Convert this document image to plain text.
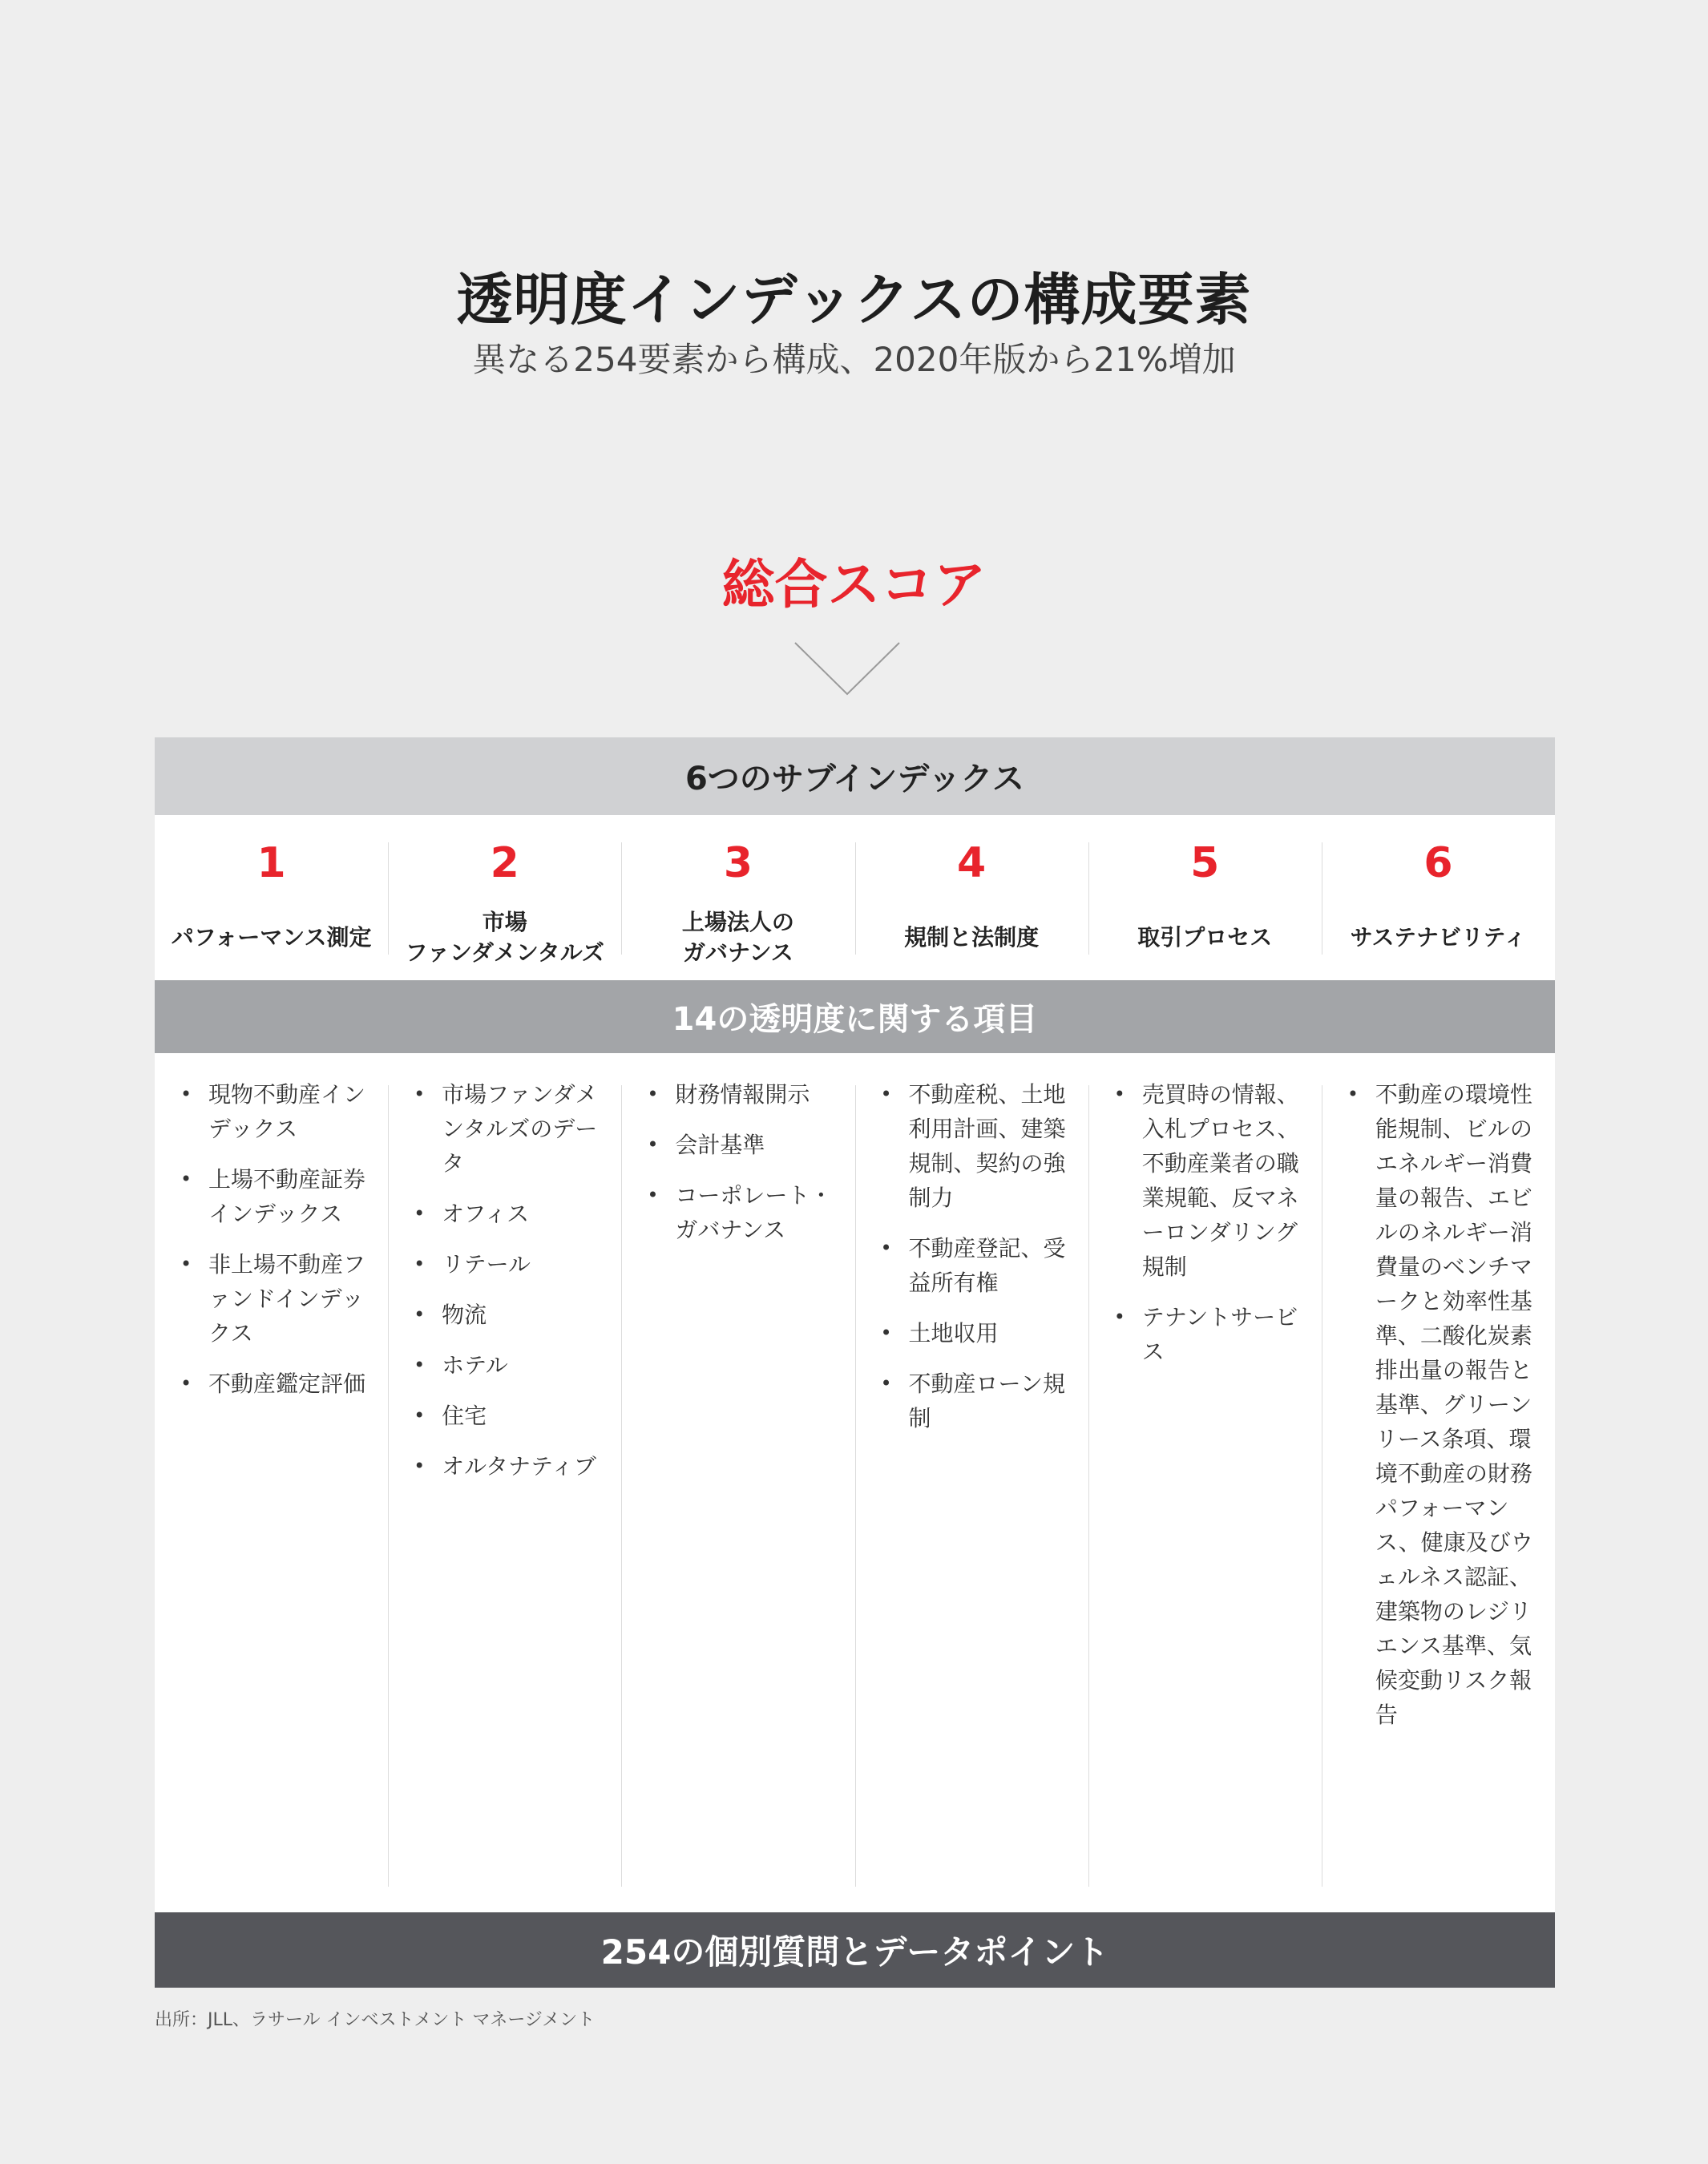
透明度インデックスの構成要素
異なる254要素から構成、2020年版から21%増加
総合スコア
6つのサブインデックス
1
パフォーマンス測定
2
市場
ファンダメンタルズ
3
上場法人の
ガバナンス
4
規制と法制度
5
取引プロセス
6
サステナビリティ
14の透明度に関する項目
• 現物不動産インデックス
• 上場不動産証券インデックス
• 非上場不動産ファンドインデックス
• 不動産鑑定評価
• 市場ファンダメンタルズのデータ
• オフィス
• リテール
• 物流
• ホテル
• 住宅
• オルタナティブ
• 財務情報開示
• 会計基準
• コーポレート・ガバナンス
• 不動産税、土地利用計画、建築規制、契約の強制力
• 不動産登記、受益所有権
• 土地収用
• 不動産ローン規制
• 売買時の情報、入札プロセス、不動産業者の職業規範、反マネーロンダリング規制
• テナントサービス
• 不動産の環境性能規制、ビルのエネルギー消費量の報告、エビルのネルギー消費量のベンチマークと効率性基準、二酸化炭素排出量の報告と基準、グリーンリース条項、環境不動産の財務パフォーマンス、健康及びウェルネス認証、建築物のレジリエンス基準、気候変動リスク報告
254の個別質問とデータポイント
出所：JLL、ラサール インベストメント マネージメント
